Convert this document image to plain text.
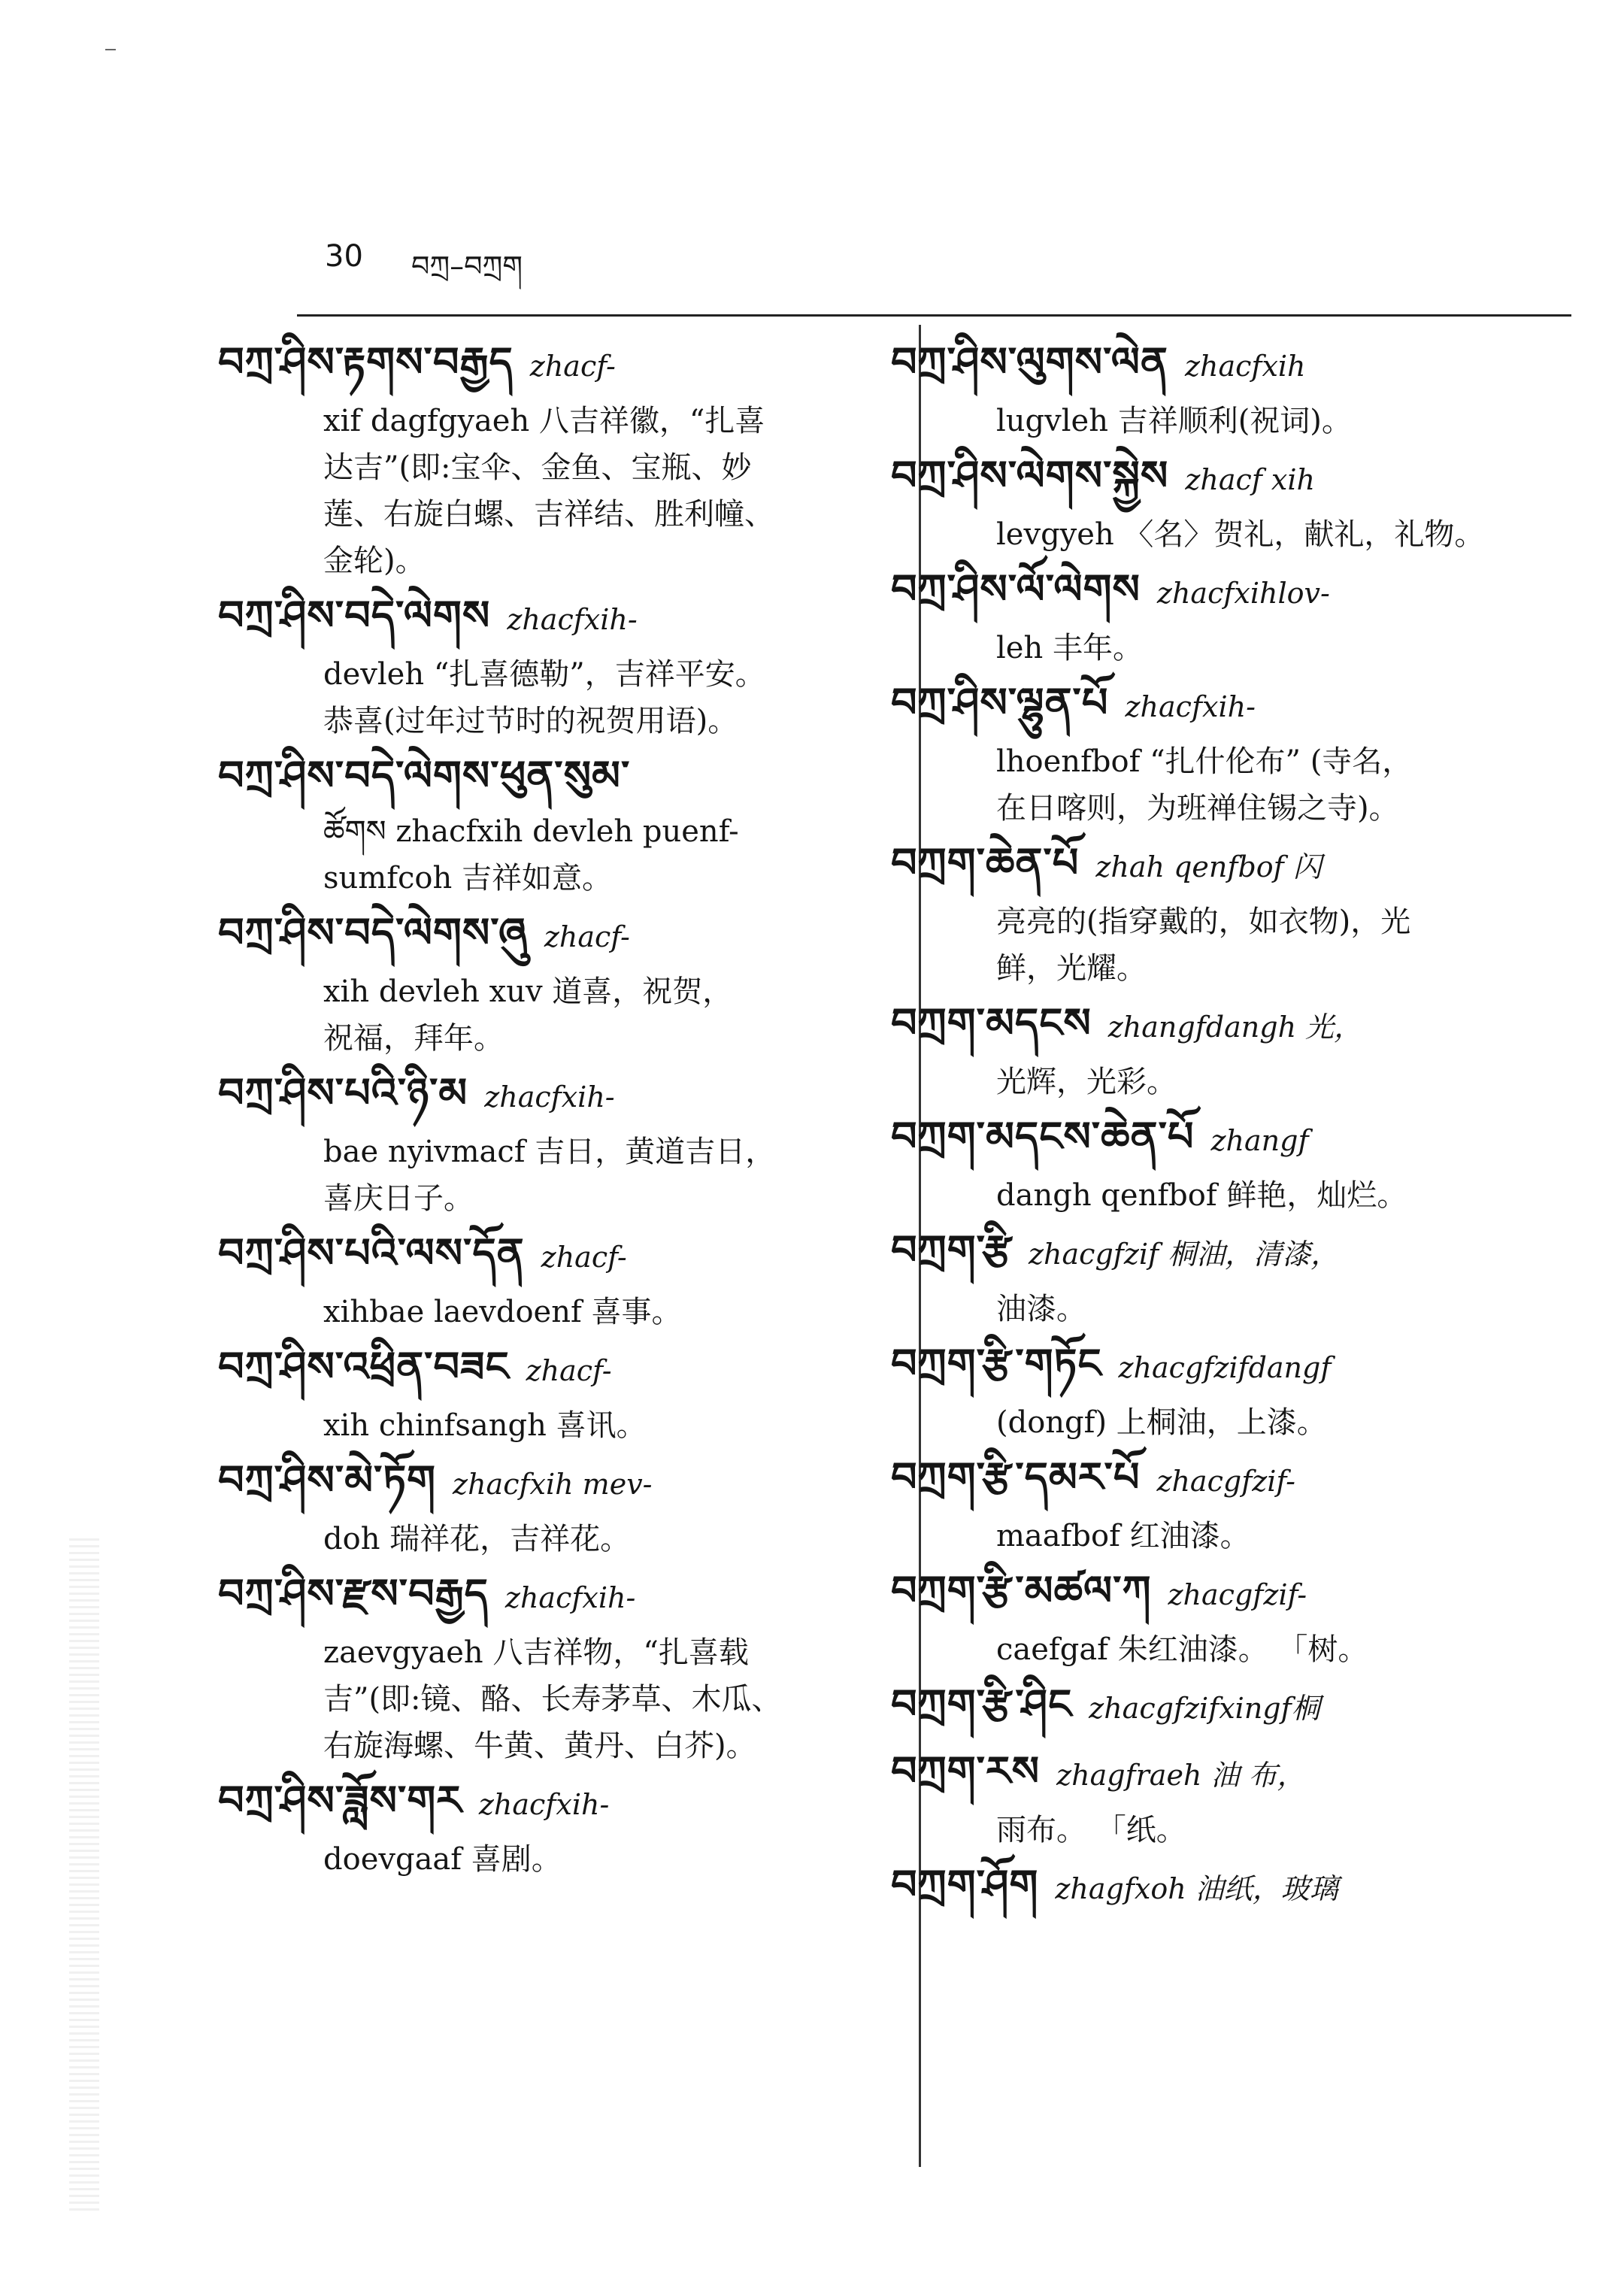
30 བཀྲ–བཀྲག
བཀྲ་ཤིས་རྟགས་བརྒྱད zhacf-
xif dagfgyaeh 八吉祥徽，“扎喜
达吉”(即:宝伞、金鱼、宝瓶、妙
莲、右旋白螺、吉祥结、胜利幢、
金轮)。
བཀྲ་ཤིས་བདེ་ལེགས zhacfxih-
devleh “扎喜德勒”，吉祥平安。
恭喜(过年过节时的祝贺用语)。
བཀྲ་ཤིས་བདེ་ལེགས་ཕུན་སུམ་
ཚོགས zhacfxih devleh puenf-
sumfcoh 吉祥如意。
བཀྲ་ཤིས་བདེ་ལེགས་ཞུ zhacf-
xih devleh xuv 道喜，祝贺，
祝福，拜年。
བཀྲ་ཤིས་པའི་ཉི་མ zhacfxih-
bae nyivmacf 吉日，黄道吉日，
喜庆日子。
བཀྲ་ཤིས་པའི་ལས་དོན zhacf-
xihbae laevdoenf 喜事。
བཀྲ་ཤིས་འཕྲིན་བཟང zhacf-
xih chinfsangh 喜讯。
བཀྲ་ཤིས་མེ་ཏོག zhacfxih mev-
doh 瑞祥花，吉祥花。
བཀྲ་ཤིས་རྫས་བརྒྱད zhacfxih-
zaevgyaeh 八吉祥物，“扎喜载
吉”(即:镜、酪、长寿茅草、木瓜、
右旋海螺、牛黄、黄丹、白芥)。
བཀྲ་ཤིས་ཟློས་གར zhacfxih-
doevgaaf 喜剧。
བཀྲ་ཤིས་ལུགས་ལེན zhacfxih
lugvleh 吉祥顺利(祝词)。
བཀྲ་ཤིས་ལེགས་སྐྱེས zhacf xih
levgyeh 〈名〉贺礼，献礼，礼物。
བཀྲ་ཤིས་ལོ་ལེགས zhacfxihlov-
leh 丰年。
བཀྲ་ཤིས་ལྷུན་པོ zhacfxih-
lhoenfbof “扎什伦布” (寺名，
在日喀则，为班禅住锡之寺)。
བཀྲག་ཆེན་པོ zhah qenfbof 闪
亮亮的(指穿戴的，如衣物)，光
鲜，光耀。
བཀྲག་མདངས zhangfdangh 光，
光辉，光彩。
བཀྲག་མདངས་ཆེན་པོ zhangf
dangh qenfbof 鲜艳，灿烂。
བཀྲག་རྩི zhacgfzif 桐油，清漆，
油漆。
བཀྲག་རྩི་གཏོང zhacgfzifdangf
(dongf) 上桐油，上漆。
བཀྲག་རྩི་དམར་པོ zhacgfzif-
maafbof 红油漆。
བཀྲག་རྩི་མཚལ་ཀ zhacgfzif-
caefgaf 朱红油漆。 「树。
བཀྲག་རྩི་ཤིང zhacgfzifxingf桐
བཀྲག་རས zhagfraeh 油 布，
雨布。 「纸。
བཀྲག་ཤོག zhagfxoh 油纸，玻璃
